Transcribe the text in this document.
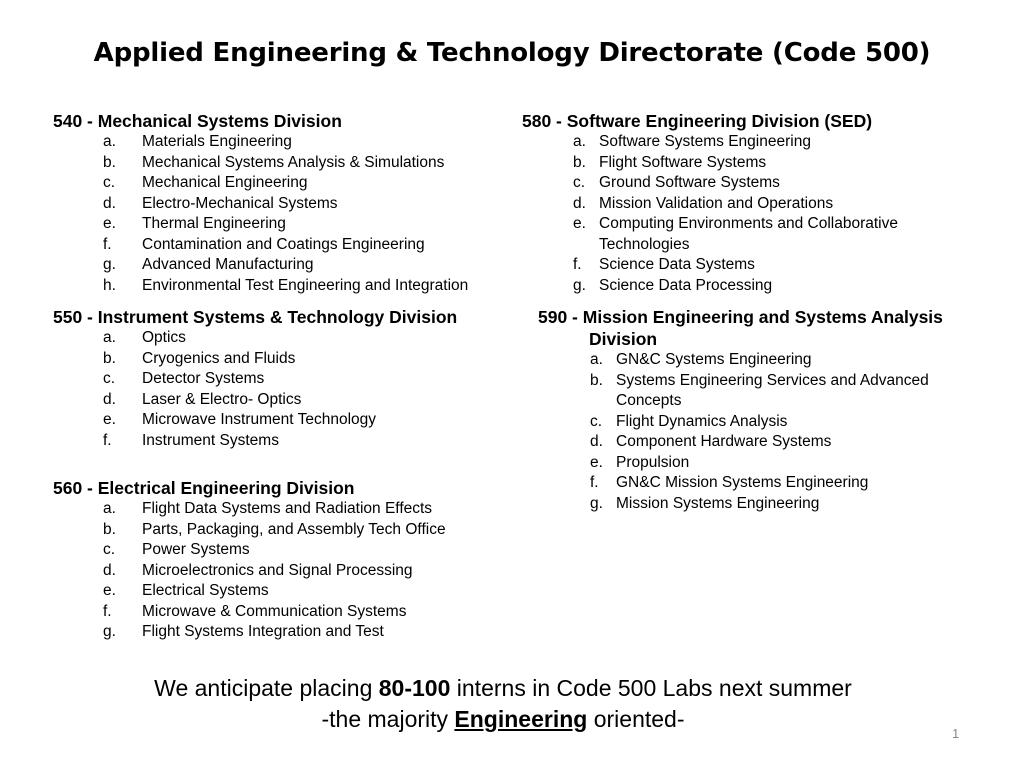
Applied Engineering & Technology Directorate (Code 500)
540 - Mechanical Systems Division
a. Materials Engineering
b. Mechanical Systems Analysis & Simulations
c. Mechanical Engineering
d. Electro-Mechanical Systems
e. Thermal Engineering
f. Contamination and Coatings Engineering
g. Advanced Manufacturing
h. Environmental Test Engineering and Integration
550 - Instrument Systems & Technology Division
a. Optics
b. Cryogenics and Fluids
c. Detector Systems
d. Laser & Electro- Optics
e. Microwave Instrument Technology
f. Instrument Systems
560 - Electrical Engineering Division
a. Flight Data Systems and Radiation Effects
b. Parts, Packaging, and Assembly Tech Office
c. Power Systems
d. Microelectronics and Signal Processing
e. Electrical Systems
f. Microwave & Communication Systems
g. Flight Systems Integration and Test
580 - Software Engineering Division (SED)
a. Software Systems Engineering
b. Flight Software Systems
c. Ground Software Systems
d. Mission Validation and Operations
e. Computing Environments and Collaborative Technologies
f. Science Data Systems
g. Science Data Processing
590 - Mission Engineering and Systems Analysis
Division
a. GN&C Systems Engineering
b. Systems Engineering Services and Advanced Concepts
c. Flight Dynamics Analysis
d. Component Hardware Systems
e. Propulsion
f. GN&C Mission Systems Engineering
g. Mission Systems Engineering
We anticipate placing 80-100 interns in Code 500 Labs next summer
-the majority Engineering oriented-
1
